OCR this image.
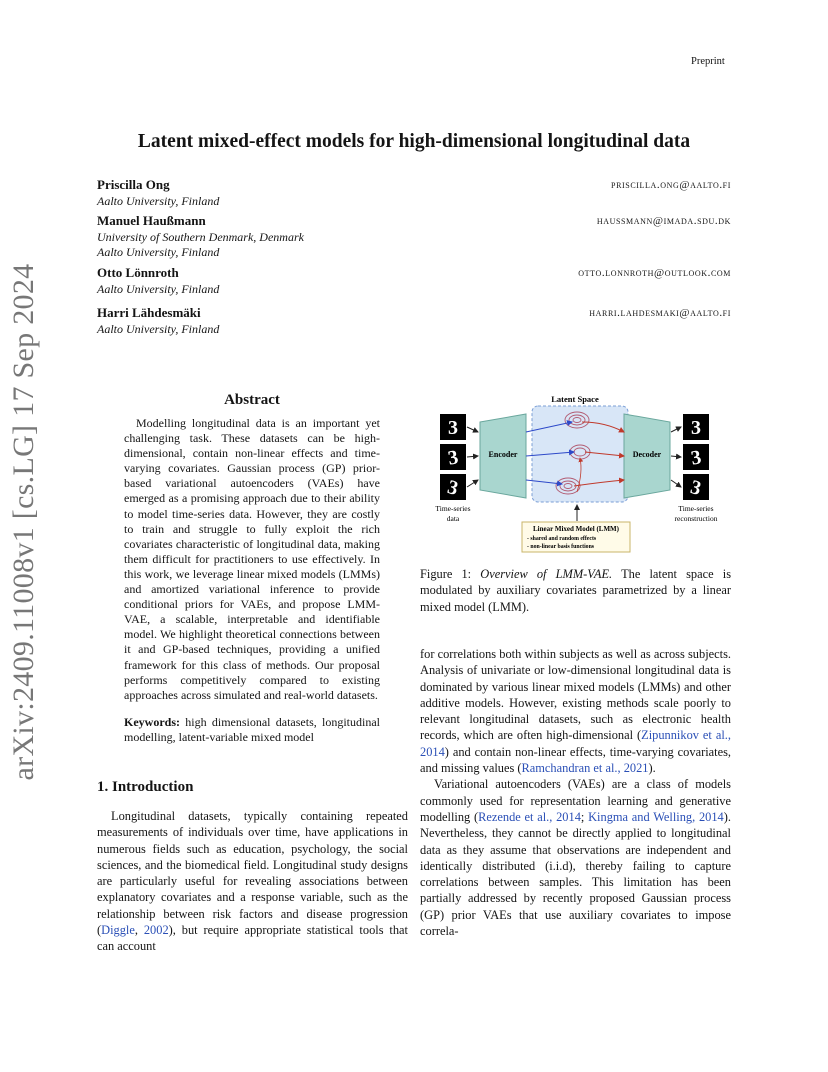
Preprint
arXiv:2409.11008v1 [cs.LG] 17 Sep 2024
Latent mixed-effect models for high-dimensional longitudinal data
Priscilla Ong	priscilla.ong@aalto.fi
Aalto University, Finland
Manuel Haußmann	haussmann@imada.sdu.dk
University of Southern Denmark, Denmark
Aalto University, Finland
Otto Lönnroth	otto.lonnroth@outlook.com
Aalto University, Finland
Harri Lähdesmäki	harri.lahdesmaki@aalto.fi
Aalto University, Finland
Abstract
Modelling longitudinal data is an important yet challenging task. These datasets can be high-dimensional, contain non-linear effects and time-varying covariates. Gaussian process (GP) prior-based variational autoencoders (VAEs) have emerged as a promising approach due to their ability to model time-series data. However, they are costly to train and struggle to fully exploit the rich covariates characteristic of longitudinal data, making them difficult for practitioners to use effectively. In this work, we leverage linear mixed models (LMMs) and amortized variational inference to provide conditional priors for VAEs, and propose LMM-VAE, a scalable, interpretable and identifiable model. We highlight theoretical connections between it and GP-based techniques, providing a unified framework for this class of methods. Our proposal performs competitively compared to existing approaches across simulated and real-world datasets.
Keywords: high dimensional datasets, longitudinal modelling, latent-variable mixed model
Latent Space
Encoder	Decoder
3
3
3
3
3
3
Time-series
data
Time-series
reconstruction
Linear Mixed Model (LMM)
- shared and random effects
- non-linear basis functions
Figure 1: Overview of LMM-VAE. The latent space is modulated by auxiliary covariates parametrized by a linear mixed model (LMM).
1. Introduction

Longitudinal datasets, typically containing repeated measurements of individuals over time, have applications in numerous fields such as education, psychology, the social sciences, and the biomedical field. Longitudinal study designs are particularly useful for revealing associations between explanatory covariates and a response variable, such as the relationship between risk factors and disease progression (Diggle, 2002), but require appropriate statistical tools that can account

for correlations both within subjects as well as across subjects. Analysis of univariate or low-dimensional longitudinal data is dominated by various linear mixed models (LMMs) and other additive models. However, existing methods scale poorly to relevant longitudinal datasets, such as electronic health records, which are often high-dimensional (Zipunnikov et al., 2014) and contain non-linear effects, time-varying covariates, and missing values (Ramchandran et al., 2021).

Variational autoencoders (VAEs) are a class of models commonly used for representation learning and generative modelling (Rezende et al., 2014; Kingma and Welling, 2014). Nevertheless, they cannot be directly applied to longitudinal data as they assume that observations are independent and identically distributed (i.i.d), thereby failing to capture correlations between samples. This limitation has been partially addressed by recently proposed Gaussian process (GP) prior VAEs that use auxiliary covariates to impose correla-
